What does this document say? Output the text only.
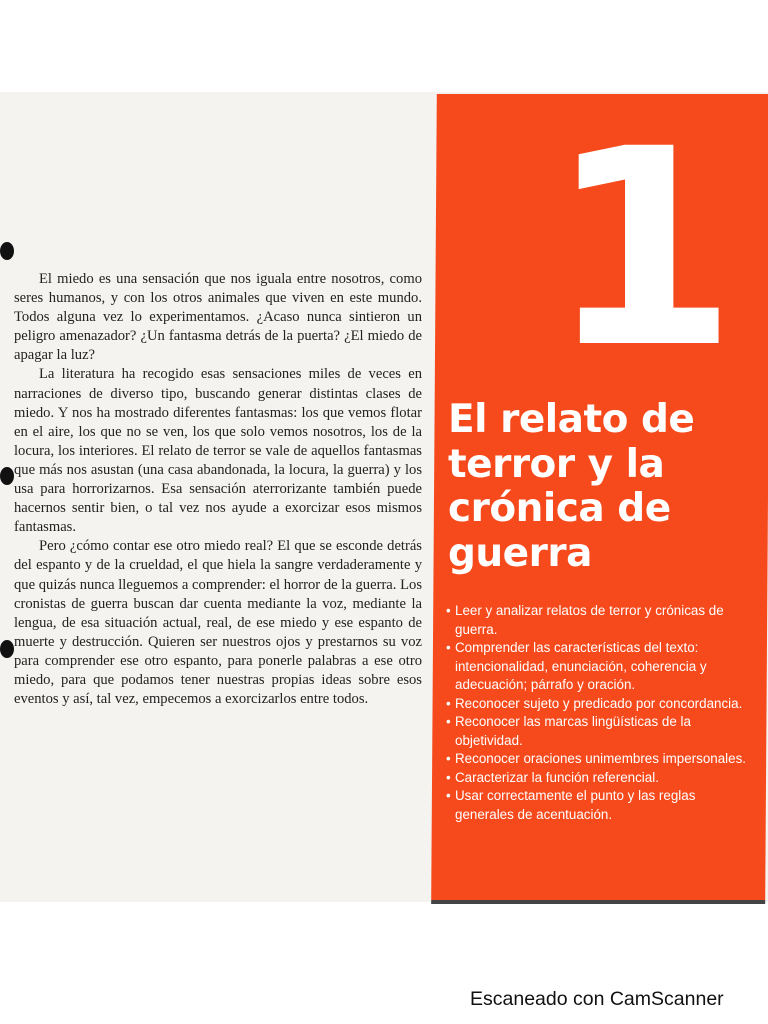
El miedo es una sensación que nos iguala entre nosotros, como seres humanos, y con los otros animales que viven en este mundo. Todos alguna vez lo experimentamos. ¿Acaso nunca sintieron un peligro amenazador? ¿Un fantasma detrás de la puerta? ¿El miedo de apagar la luz?

La literatura ha recogido esas sensaciones miles de veces en narraciones de diverso tipo, buscando generar distintas clases de miedo. Y nos ha mostrado diferentes fantasmas: los que vemos flotar en el aire, los que no se ven, los que solo vemos nosotros, los de la locura, los interiores. El relato de terror se vale de aquellos fantasmas que más nos asustan (una casa abandonada, la locura, la guerra) y los usa para horrorizarnos. Esa sensación aterrorizante también puede hacernos sentir bien, o tal vez nos ayude a exorcizar esos mismos fantasmas.

Pero ¿cómo contar ese otro miedo real? El que se esconde detrás del espanto y de la crueldad, el que hiela la sangre verdaderamente y que quizás nunca lleguemos a comprender: el horror de la guerra. Los cronistas de guerra buscan dar cuenta mediante la voz, mediante la lengua, de esa situación actual, real, de ese miedo y ese espanto de muerte y destrucción. Quieren ser nuestros ojos y prestarnos su voz para comprender ese otro espanto, para ponerle palabras a ese otro miedo, para que podamos tener nuestras propias ideas sobre esos eventos y así, tal vez, empecemos a exorcizarlos entre todos.

1
El relato de
terror y la
crónica de
guerra
• Leer y analizar relatos de terror y crónicas de guerra.
• Comprender las características del texto: intencionalidad, enunciación, coherencia y adecuación; párrafo y oración.
• Reconocer sujeto y predicado por concordancia.
• Reconocer las marcas lingüísticas de la objetividad.
• Reconocer oraciones unimembres impersonales.
• Caracterizar la función referencial.
• Usar correctamente el punto y las reglas generales de acentuación.
Escaneado con CamScanner
